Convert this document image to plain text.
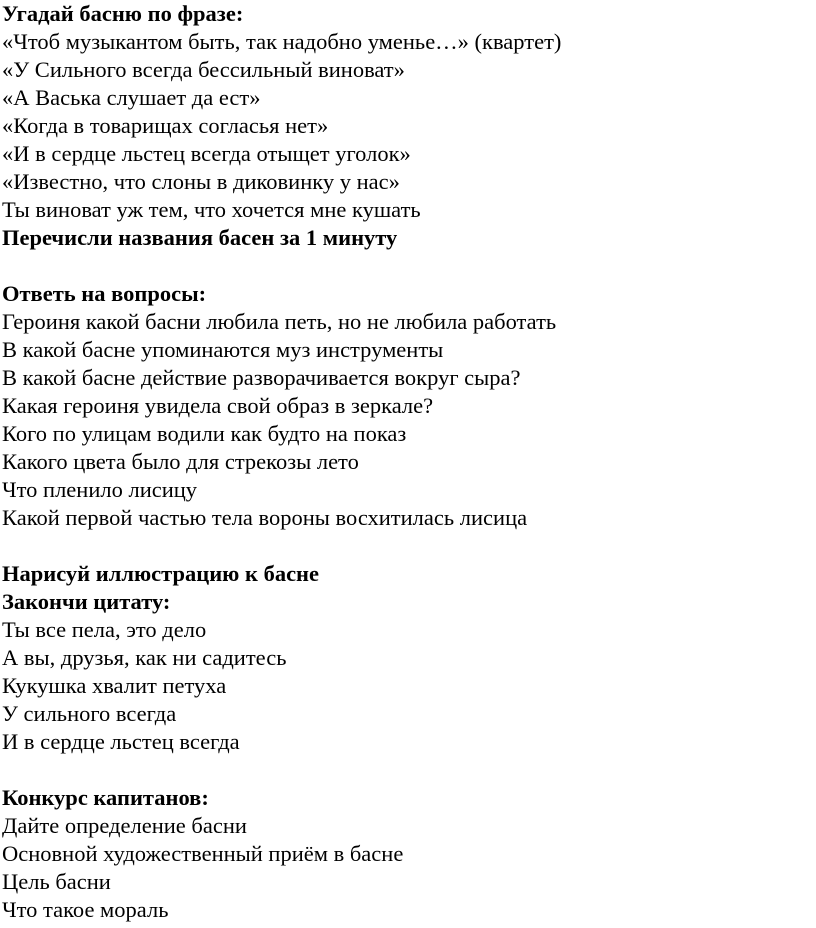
Угадай басню по фразе:
«Чтоб музыкантом быть, так надобно уменье…» (квартет)
«У Сильного всегда бессильный виноват»
«А Васька слушает да ест»
«Когда в товарищах согласья нет»
«И в сердце льстец всегда отыщет уголок»
«Известно, что слоны в диковинку у нас»
Ты виноват уж тем, что хочется мне кушать
Перечисли названия басен за 1 минуту
Ответь на вопросы:
Героиня какой басни любила петь, но не любила работать
В какой басне упоминаются муз инструменты
В какой басне действие разворачивается вокруг сыра?
Какая героиня увидела свой образ в зеркале?
Кого по улицам водили как будто на показ
Какого цвета было для стрекозы лето
Что пленило лисицу
Какой первой частью тела вороны восхитилась лисица
Нарисуй иллюстрацию к басне
Закончи цитату:
Ты все пела, это дело
А вы, друзья, как ни садитесь
Кукушка хвалит петуха
У сильного всегда
И в сердце льстец всегда
Конкурс капитанов:
Дайте определение басни
Основной художественный приём в басне
Цель басни
Что такое мораль
